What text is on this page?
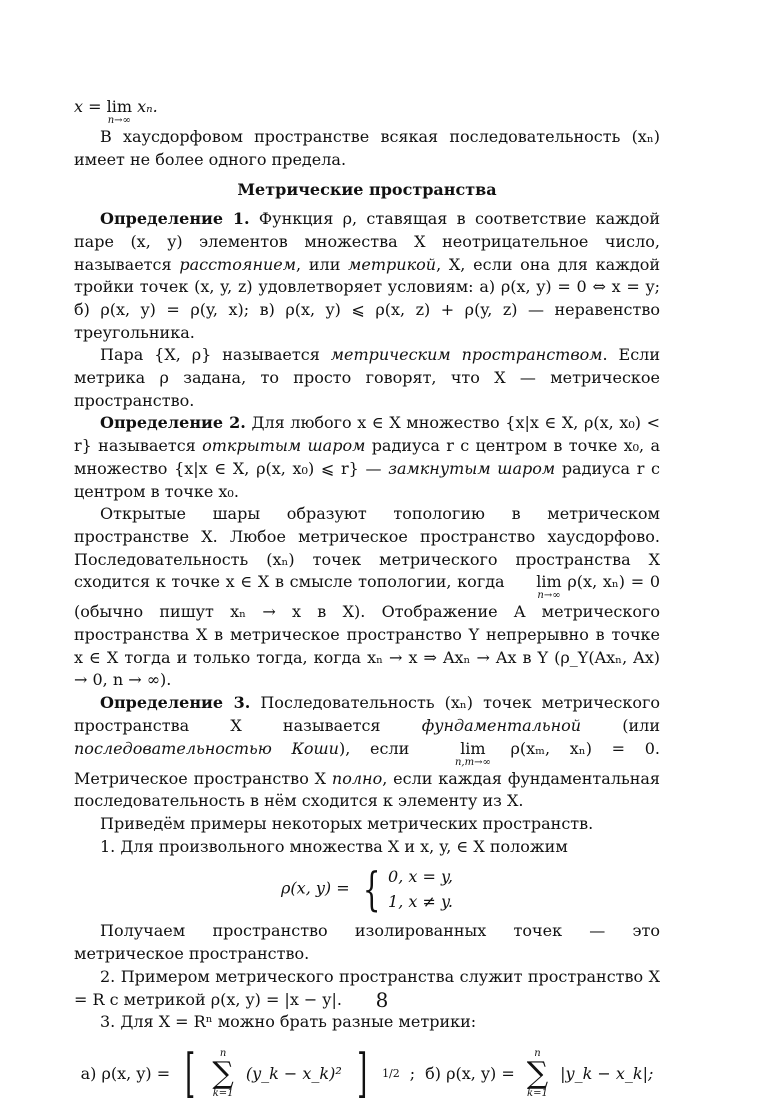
x = lim
n→∞
xₙ.

В хаусдорфовом пространстве всякая последовательность (xₙ) имеет не более одного предела.

Метрические пространства

Определение 1. Функция ρ, ставящая в соответствие каждой паре (x, y) элементов множества X неотрицательное число, называется расстоянием, или метрикой, X, если она для каждой тройки точек (x, y, z) удовлетворяет условиям: а) ρ(x, y) = 0 ⇔ x = y; б) ρ(x, y) = ρ(y, x); в) ρ(x, y) ⩽ ρ(x, z) + ρ(y, z) — неравенство треугольника.

Пара {X, ρ} называется метрическим пространством. Если метрика ρ задана, то просто говорят, что X — метрическое пространство.

Определение 2. Для любого x ∈ X множество {x|x ∈ X, ρ(x, x₀) < r} называется открытым шаром радиуса r с центром в точке x₀, а множество {x|x ∈ X, ρ(x, x₀) ⩽ r} — замкнутым шаром радиуса r с центром в точке x₀.

Открытые шары образуют топологию в метрическом пространстве X. Любое метрическое пространство хаусдорфово. Последовательность (xₙ) точек метрического пространства X сходится к точке x ∈ X в смысле топологии, когда	lim
n→∞
ρ(x, xₙ) = 0 (обычно пишут xₙ → x в X). Отображение A метрического пространства X в метрическое пространство Y непрерывно в точке x ∈ X тогда и только тогда, когда xₙ → x ⇒ Axₙ → Ax в Y (ρ_Y(Axₙ, Ax) → 0, n → ∞).

Определение 3. Последовательность (xₙ) точек метрического пространства X называется фундаментальной (или последовательностью Коши), если	lim
n,m→∞
ρ(xₘ, xₙ) = 0. Метрическое пространство X полно, если каждая фундаментальная последовательность в нём сходится к элементу из X.

Приведём примеры некоторых метрических пространств.

1. Для произвольного множества X и x, y, ∈ X положим

ρ(x, y) = { 0, x = y,
1, x ≠ y.

Получаем пространство изолированных точек — это метрическое пространство.

2. Примером метрического пространства служит пространство X = R с метрикой ρ(x, y) = |x − y|.

3. Для X = Rⁿ можно брать разные метрики:

а) ρ(x, y) = [ n
∑
k=1
(y_k − x_k)² ] 1/2 ; б) ρ(x, y) =
n
∑
k=1
|y_k − x_k|;
8
